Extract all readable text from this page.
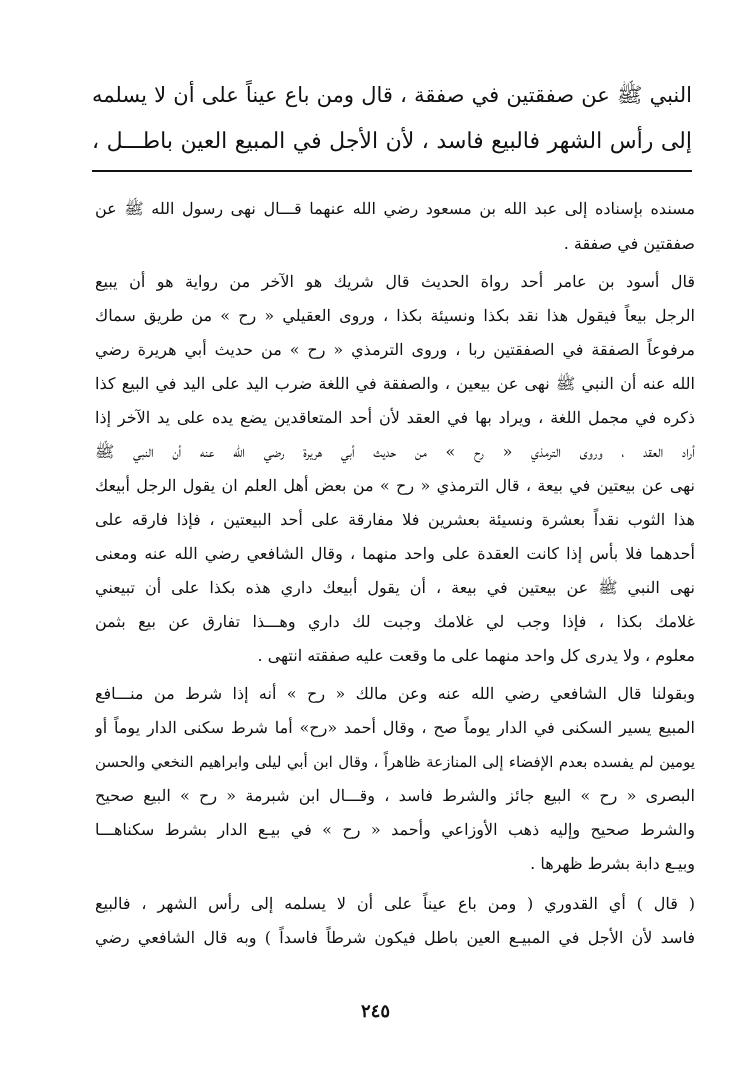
النبي ﷺ عن صفقتين في صفقة ، قال ومن باع عيناً على أن لا يسلمه
إلى رأس الشهر فالبيع فاسد ، لأن الأجل في المبيع العين باطـــل ،
مسنده بإسناده إلى عبد الله بن مسعود رضي الله عنهما قـــال نهى رسول الله ﷺ عن
صفقتين في صفقة .
قال أسود بن عامر أحد رواة الحديث قال شريك هو الآخر من رواية هو أن يبيع
الرجل بيعاً فيقول هذا نقد بكذا ونسيئة بكذا ، وروى العقيلي « رح » من طريق سماك
مرفوعاً الصفقة في الصفقتين ربا ، وروى الترمذي « رح » من حديث أبي هريرة رضي
الله عنه أن النبي ﷺ نهى عن بيعين ، والصفقة في اللغة ضرب اليد على اليد في البيع كذا
ذكره في مجمل اللغة ، ويراد بها في العقد لأن أحد المتعاقدين يضع يده على يد الآخر إذا
أراد العقد ، وروى الترمذي « رح » من حديث أبي هريرة رضي الله عنه أن النبي ﷺ
نهى عن بيعتين في بيعة ، قال الترمذي « رح » من بعض أهل العلم ان يقول الرجل أبيعك
هذا الثوب نقداً بعشرة ونسيئة بعشرين فلا مفارقة على أحد البيعتين ، فإذا فارقه على
أحدهما فلا بأس إذا كانت العقدة على واحد منهما ، وقال الشافعي رضي الله عنه ومعنى
نهى النبي ﷺ عن بيعتين في بيعة ، أن يقول أبيعك داري هذه بكذا على أن تبيعني
غلامك بكذا ، فإذا وجب لي غلامك وجبت لك داري وهـــذا تفارق عن بيع بثمن
معلوم ، ولا يدرى كل واحد منهما على ما وقعت عليه صفقته انتهى .
وبقولنا قال الشافعي رضي الله عنه وعن مالك « رح » أنه إذا شرط من منـــافع
المبيع يسير السكنى في الدار يوماً صح ، وقال أحمد «رح» أما شرط سكنى الدار يوماً أو
يومين لم يفسده بعدم الإفضاء إلى المنازعة ظاهراً ، وقال ابن أبي ليلى وابراهيم النخعي والحسن
البصرى « رح » البيع جائز والشرط فاسد ، وقـــال ابن شبرمة « رح » البيع صحيح
والشرط صحيح وإليه ذهب الأوزاعي وأحمد « رح » في بيـع الدار بشرط سكناهـــا
وبيـع دابة بشرط ظهرها .
( قال ) أي القدوري ( ومن باع عيناً على أن لا يسلمه إلى رأس الشهر ، فالبيع
فاسد لأن الأجل في المبيـع العين باطل فيكون شرطاً فاسداً ) وبه قال الشافعي رضي
٢٤٥
